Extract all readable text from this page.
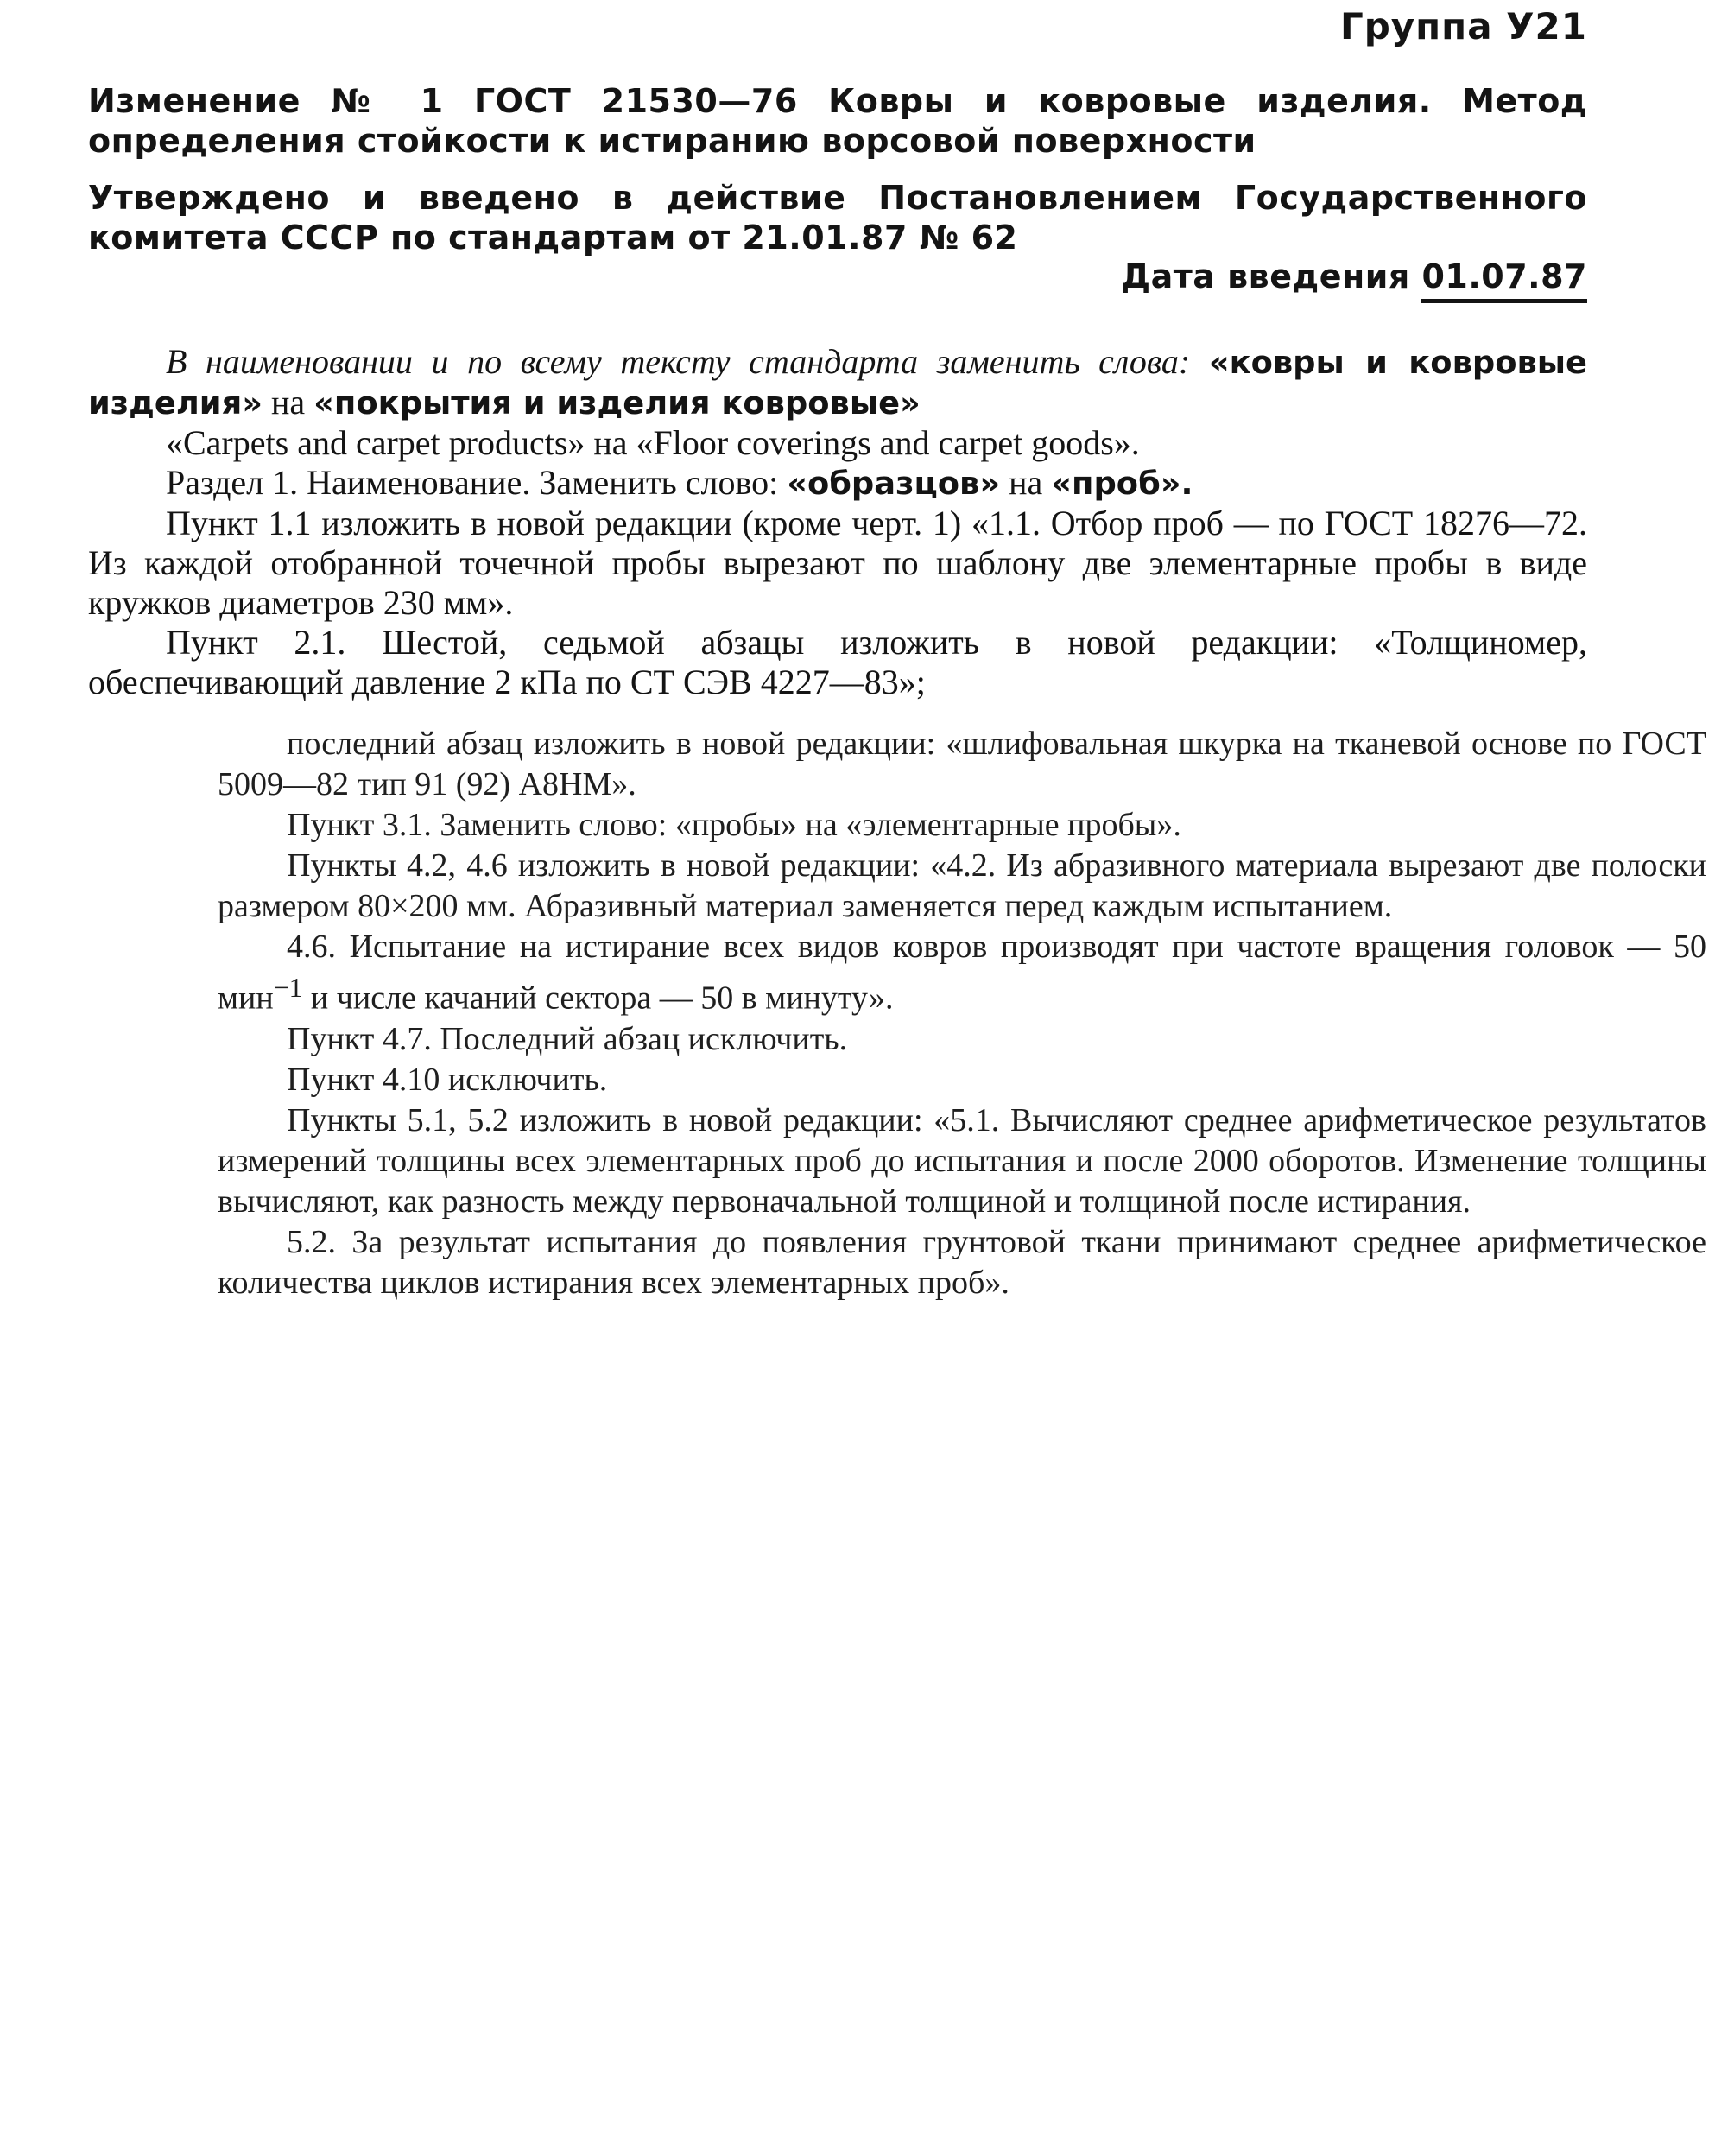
Группа У21
Изменение № 1 ГОСТ 21530—76 Ковры и ковровые изделия. Метод определения стойкости к истиранию ворсовой поверхности
Утверждено и введено в действие Постановлением Государственного комитета СССР по стандартам от 21.01.87 № 62
Дата введения 01.07.87

В наименовании и по всему тексту стандарта заменить слова: «ковры и ковровые изделия» на «покрытия и изделия ковровые»

«Carpets and carpet products» на «Floor coverings and carpet goods».

Раздел 1. Наименование. Заменить слово: «образцов» на «проб».

Пункт 1.1 изложить в новой редакции (кроме черт. 1) «1.1. Отбор проб — по ГОСТ 18276—72. Из каждой отобранной точечной пробы вырезают по шаблону две элементарные пробы в виде кружков диаметров 230 мм».

Пункт 2.1. Шестой, седьмой абзацы изложить в новой редакции: «Толщиномер, обеспечивающий давление 2 кПа по СТ СЭВ 4227—83»;

последний абзац изложить в новой редакции: «шлифовальная шкурка на тканевой основе по ГОСТ 5009—82 тип 91 (92) А8НМ».

Пункт 3.1. Заменить слово: «пробы» на «элементарные пробы».

Пункты 4.2, 4.6 изложить в новой редакции: «4.2. Из абразивного материала вырезают две полоски размером 80×200 мм. Абразивный материал заменяется перед каждым испытанием.

4.6. Испытание на истирание всех видов ковров производят при частоте вращения головок — 50 мин$^{-1}$ и числе качаний сектора — 50 в минуту».

Пункт 4.7. Последний абзац исключить.

Пункт 4.10 исключить.

Пункты 5.1, 5.2 изложить в новой редакции: «5.1. Вычисляют среднее арифметическое результатов измерений толщины всех элементарных проб до испытания и после 2000 оборотов. Изменение толщины вычисляют, как разность между первоначальной толщиной и толщиной после истирания.

5.2. За результат испытания до появления грунтовой ткани принимают среднее арифметическое количества циклов истирания всех элементарных проб».
